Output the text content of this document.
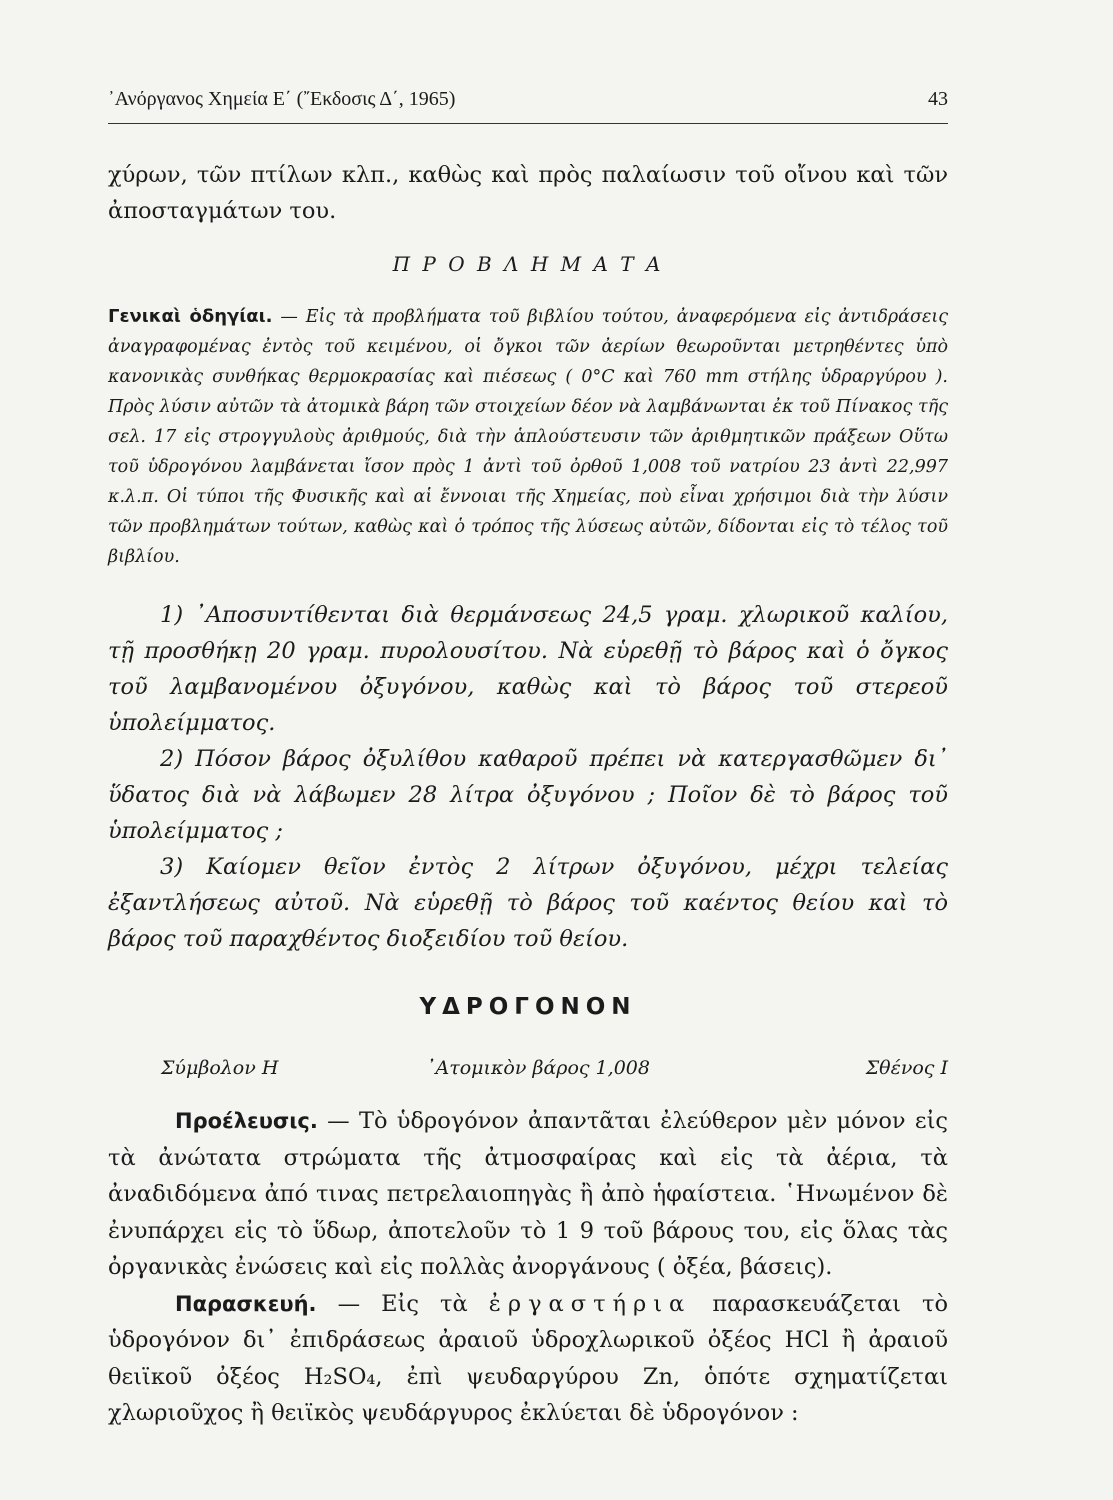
᾽Ανόργανος Χημεία Ε΄ (῎Εκδοσις Δ΄, 1965)	43
χύρων, τῶν πτίλων κλπ., καθὼς καὶ πρὸς παλαίωσιν τοῦ οἴνου καὶ τῶν ἀποσταγμάτων του.
Π Ρ Ο Β Λ Η Μ Α Τ Α
Γενικαὶ ὁδηγίαι. — Εἰς τὰ προβλήματα τοῦ βιβλίου τούτου, ἀναφερόμενα εἰς ἀντιδράσεις ἀναγραφομένας ἐντὸς τοῦ κειμένου, οἱ ὄγκοι τῶν ἀερίων θεωροῦνται μετρηθέντες ὑπὸ κανονικὰς συνθήκας θερμοκρασίας καὶ πιέσεως ( 0°C καὶ 760 mm στήλης ὑδραργύρου ). Πρὸς λύσιν αὐτῶν τὰ ἀτομικὰ βάρη τῶν στοιχείων δέον νὰ λαμβάνωνται ἐκ τοῦ Πίνακος τῆς σελ. 17 εἰς στρογγυλοὺς ἀριθμούς, διὰ τὴν ἁπλούστευσιν τῶν ἀριθμητικῶν πράξεων Οὕτω τοῦ ὑδρογόνου λαμβάνεται ἴσον πρὸς 1 ἀντὶ τοῦ ὀρθοῦ 1,008 τοῦ νατρίου 23 ἀντὶ 22,997 κ.λ.π. Οἱ τύποι τῆς Φυσικῆς καὶ αἱ ἔννοιαι τῆς Χημείας, ποὺ εἶναι χρήσιμοι διὰ τὴν λύσιν τῶν προβλημάτων τούτων, καθὼς καὶ ὁ τρόπος τῆς λύσεως αὐτῶν, δίδονται εἰς τὸ τέλος τοῦ βιβλίου.

1) ᾽Αποσυντίθενται διὰ θερμάνσεως 24,5 γραμ. χλωρικοῦ καλίου, τῇ προσθήκῃ 20 γραμ. πυρολουσίτου. Νὰ εὑρεθῇ τὸ βάρος καὶ ὁ ὄγκος τοῦ λαμβανομένου ὀξυγόνου, καθὼς καὶ τὸ βάρος τοῦ στερεοῦ ὑπολείμματος.

2) Πόσον βάρος ὀξυλίθου καθαροῦ πρέπει νὰ κατεργασθῶμεν δι᾽ ὕδατος διὰ νὰ λάβωμεν 28 λίτρα ὀξυγόνου ; Ποῖον δὲ τὸ βάρος τοῦ ὑπολείμματος ;

3) Καίομεν θεῖον ἐντὸς 2 λίτρων ὀξυγόνου, μέχρι τελείας ἐξαντλήσεως αὐτοῦ. Νὰ εὑρεθῇ τὸ βάρος τοῦ καέντος θείου καὶ τὸ βάρος τοῦ παραχθέντος διοξειδίου τοῦ θείου.

ΥΔΡΟΓΟΝΟΝ
Σύμβολον Η	᾽Ατομικὸν βάρος 1,008	Σθένος Ι

Προέλευσις. — Τὸ ὑδρογόνον ἀπαντᾶται ἐλεύθερον μὲν μόνον εἰς τὰ ἀνώτατα στρώματα τῆς ἀτμοσφαίρας καὶ εἰς τὰ ἀέρια, τὰ ἀναδιδόμενα ἀπό τινας πετρελαιοπηγὰς ἢ ἀπὸ ἡφαίστεια. ῾Ηνωμένον δὲ ἐνυπάρχει εἰς τὸ ὕδωρ, ἀποτελοῦν τὸ 1 9 τοῦ βάρους του, εἰς ὅλας τὰς ὀργανικὰς ἐνώσεις καὶ εἰς πολλὰς ἀνοργάνους ( ὀξέα, βάσεις).

Παρασκευή. — Εἰς τὰ ἐργαστήρια παρασκευάζεται τὸ ὑδρογόνον δι᾽ ἐπιδράσεως ἀραιοῦ ὑδροχλωρικοῦ ὀξέος HCl ἢ ἀραιοῦ θειϊκοῦ ὀξέος H₂SO₄, ἐπὶ ψευδαργύρου Zn, ὁπότε σχηματίζεται χλωριοῦχος ἢ θειϊκὸς ψευδάργυρος ἐκλύεται δὲ ὑδρογόνον :
